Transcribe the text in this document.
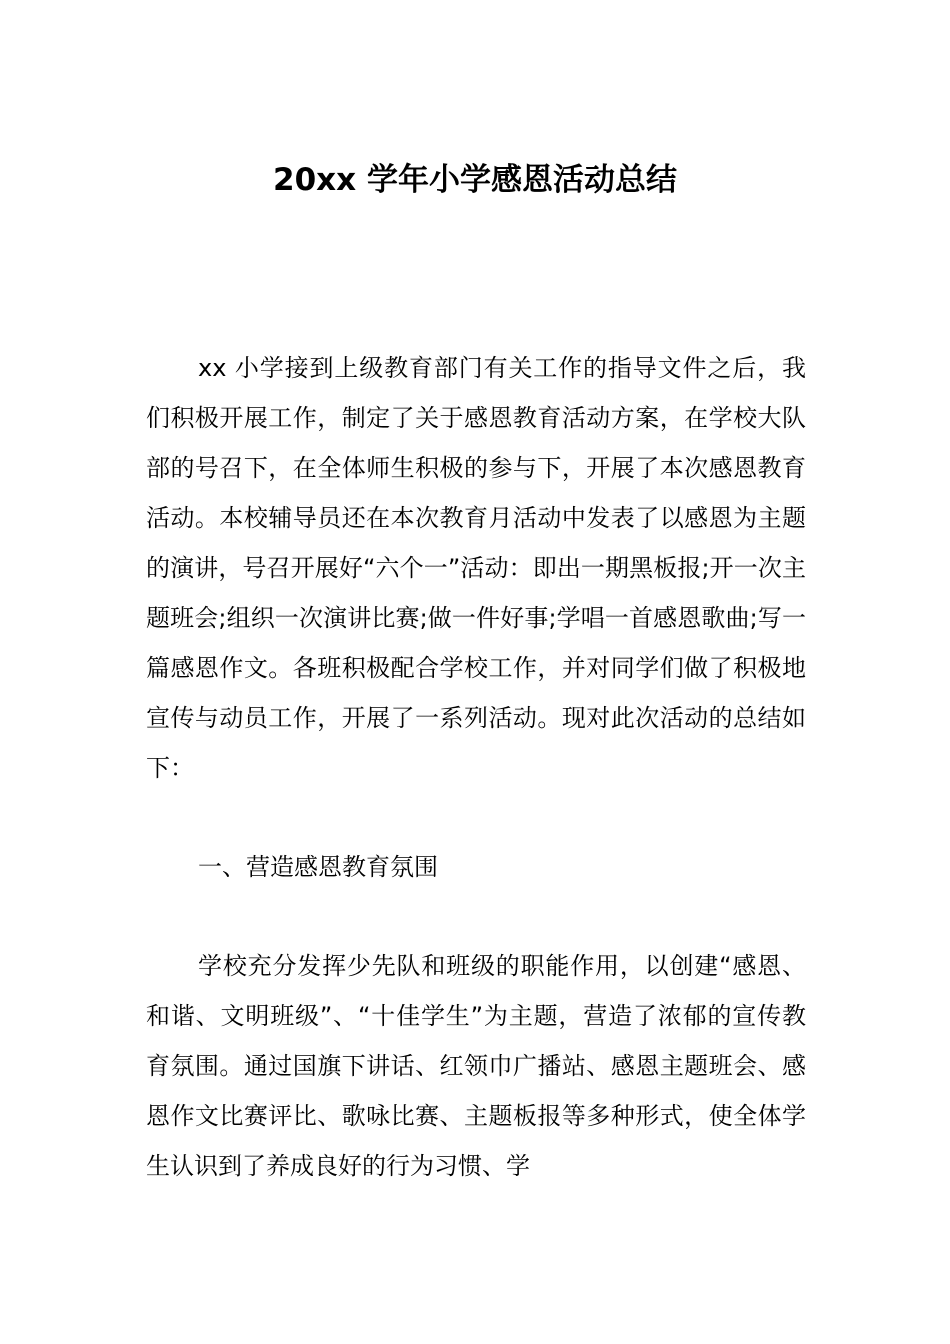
20xx 学年小学感恩活动总结

xx 小学接到上级教育部门有关工作的指导文件之后，我们积极开展工作，制定了关于感恩教育活动方案，在学校大队部的号召下，在全体师生积极的参与下，开展了本次感恩教育活动。本校辅导员还在本次教育月活动中发表了以感恩为主题的演讲，号召开展好“六个一”活动：即出一期黑板报;开一次主题班会;组织一次演讲比赛;做一件好事;学唱一首感恩歌曲;写一篇感恩作文。各班积极配合学校工作，并对同学们做了积极地宣传与动员工作，开展了一系列活动。现对此次活动的总结如下：

一、营造感恩教育氛围

学校充分发挥少先队和班级的职能作用，以创建“感恩、和谐、文明班级”、“十佳学生”为主题，营造了浓郁的宣传教育氛围。通过国旗下讲话、红领巾广播站、感恩主题班会、感恩作文比赛评比、歌咏比赛、主题板报等多种形式，使全体学生认识到了养成良好的行为习惯、学
